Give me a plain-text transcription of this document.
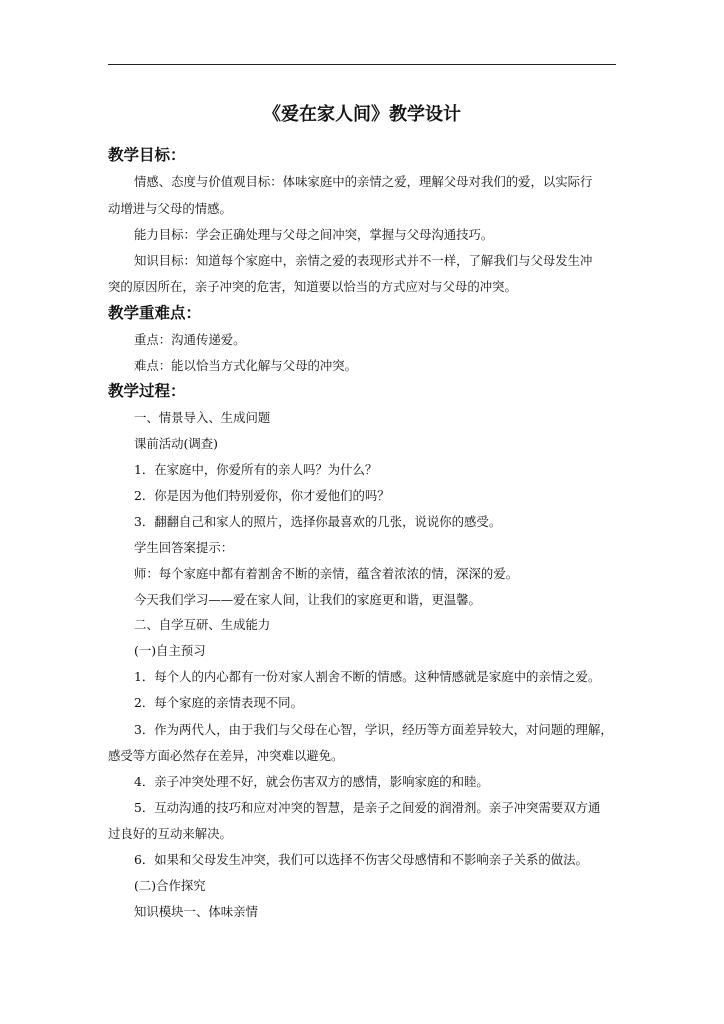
《爱在家人间》教学设计
教学目标：

情感、态度与价值观目标：体味家庭中的亲情之爱，理解父母对我们的爱，以实际行

动增进与父母的情感。

能力目标：学会正确处理与父母之间冲突，掌握与父母沟通技巧。

知识目标：知道每个家庭中，亲情之爱的表现形式并不一样，了解我们与父母发生冲

突的原因所在，亲子冲突的危害，知道要以恰当的方式应对与父母的冲突。

教学重难点：

重点：沟通传递爱。

难点：能以恰当方式化解与父母的冲突。

教学过程：

一、情景导入、生成问题

课前活动(调查)

1．在家庭中，你爱所有的亲人吗？为什么？

2．你是因为他们特别爱你，你才爱他们的吗？

3．翻翻自己和家人的照片，选择你最喜欢的几张，说说你的感受。

学生回答案提示：

师：每个家庭中都有着割舍不断的亲情，蕴含着浓浓的情，深深的爱。

今天我们学习——爱在家人间，让我们的家庭更和谐，更温馨。

二、自学互研、生成能力

(一)自主预习

1．每个人的内心都有一份对家人割舍不断的情感。这种情感就是家庭中的亲情之爱。

2．每个家庭的亲情表现不同。

3．作为两代人，由于我们与父母在心智，学识，经历等方面差异较大，对问题的理解，

感受等方面必然存在差异，冲突难以避免。

4．亲子冲突处理不好，就会伤害双方的感情，影响家庭的和睦。

5．互动沟通的技巧和应对冲突的智慧，是亲子之间爱的润滑剂。亲子冲突需要双方通

过良好的互动来解决。

6．如果和父母发生冲突，我们可以选择不伤害父母感情和不影响亲子关系的做法。

(二)合作探究

知识模块一、体味亲情
